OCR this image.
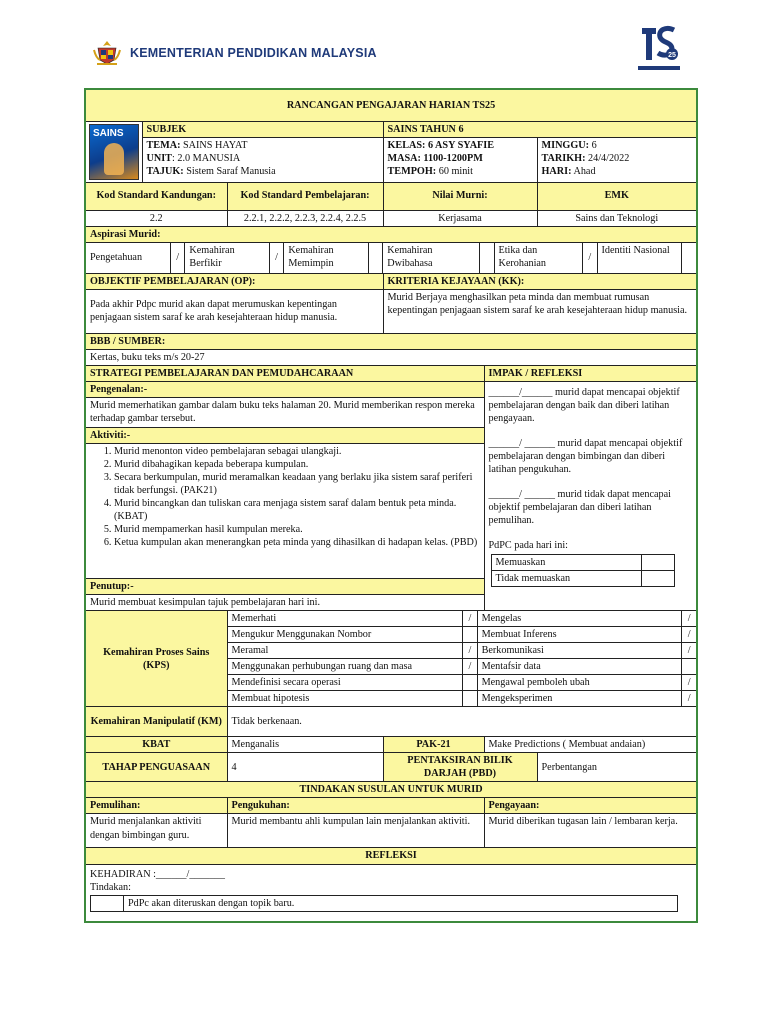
KEMENTERIAN PENDIDIKAN MALAYSIA	25
RANCANGAN PENGAJARAN HARIAN TS25

SAINS	SUBJEK	SAINS TAHUN 6

TEMA: SAINS HAYAT
UNIT: 2.0 MANUSIA
TAJUK: Sistem Saraf Manusia

KELAS: 6 ASY SYAFIE
MASA: 1100-1200PM
TEMPOH: 60 minit

MINGGU: 6
TARIKH: 24/4/2022
HARI: Ahad

Kod Standard Kandungan:	Kod Standard Pembelajaran:	Nilai Murni:	EMK
2.2	2.2.1, 2.2.2, 2.2.3, 2.2.4, 2.2.5	Kerjasama	Sains dan Teknologi
Aspirasi Murid:

Pengetahuan	/	Kemahiran Berfikir	/	Kemahiran Memimpin		Kemahiran Dwibahasa		Etika dan Kerohanian	/	Identiti Nasional	

OBJEKTIF PEMBELAJARAN (OP):	KRITERIA KEJAYAAN (KK):
Pada akhir Pdpc murid akan dapat merumuskan kepentingan penjagaan sistem saraf ke arah kesejahteraan hidup manusia.	Murid Berjaya menghasilkan peta minda dan membuat rumusan kepentingan penjagaan sistem saraf ke arah kesejahteraan hidup manusia.
BBB / SUMBER:
Kertas, buku teks m/s 20-27
STRATEGI PEMBELAJARAN DAN PEMUDAHCARAAN	IMPAK / REFLEKSI

Pengenalan:-
Murid memerhatikan gambar dalam buku teks halaman 20. Murid memberikan respon mereka terhadap gambar tersebut.
Aktiviti:-

1. Murid menonton video pembelajaran sebagai ulangkaji.
2. Murid dibahagikan kepada beberapa kumpulan.
3. Secara berkumpulan, murid meramalkan keadaan yang berlaku jika sistem saraf periferi tidak berfungsi. (PAK21)
4. Murid bincangkan dan tuliskan cara menjaga sistem saraf dalam bentuk peta minda. (KBAT)
5. Murid mempamerkan hasil kumpulan mereka.
6. Ketua kumpulan akan menerangkan peta minda yang dihasilkan di hadapan kelas. (PBD)

Penutup:-
Murid membuat kesimpulan tajuk pembelajaran hari ini.

______/______ murid dapat mencapai objektif pembelajaran dengan baik dan diberi latihan pengayaan.
______/ ______ murid dapat mencapai objektif pembelajaran dengan bimbingan dan diberi latihan pengukuhan.
______/ ______ murid tidak dapat mencapai objektif pembelajaran dan diberi latihan pemulihan.
PdPC pada hari ini:
Memuaskan	
Tidak memuaskan	

Kemahiran Proses Sains (KPS)	
Memerhati	/	Mengelas	/
Mengukur Menggunakan Nombor		Membuat Inferens	/
Meramal	/	Berkomunikasi	/
Menggunakan perhubungan ruang dan masa	/	Mentafsir data	
Mendefinisi secara operasi		Mengawal pemboleh ubah	/
Membuat hipotesis		Mengeksperimen	/

Kemahiran Manipulatif (KM)	Tidak berkenaan.
KBAT	Menganalis	PAK-21	Make Predictions ( Membuat andaian)
TAHAP PENGUASAAN	4	PENTAKSIRAN BILIK DARJAH (PBD)	Perbentangan
TINDAKAN SUSULAN UNTUK MURID
Pemulihan:	Pengukuhan:	Pengayaan:
Murid menjalankan aktiviti dengan bimbingan guru.	Murid membantu ahli kumpulan lain menjalankan aktiviti.	Murid diberikan tugasan lain / lembaran kerja.
REFLEKSI

KEHADIRAN :______/_______
Tindakan:
	PdPc akan diteruskan dengan topik baru.
